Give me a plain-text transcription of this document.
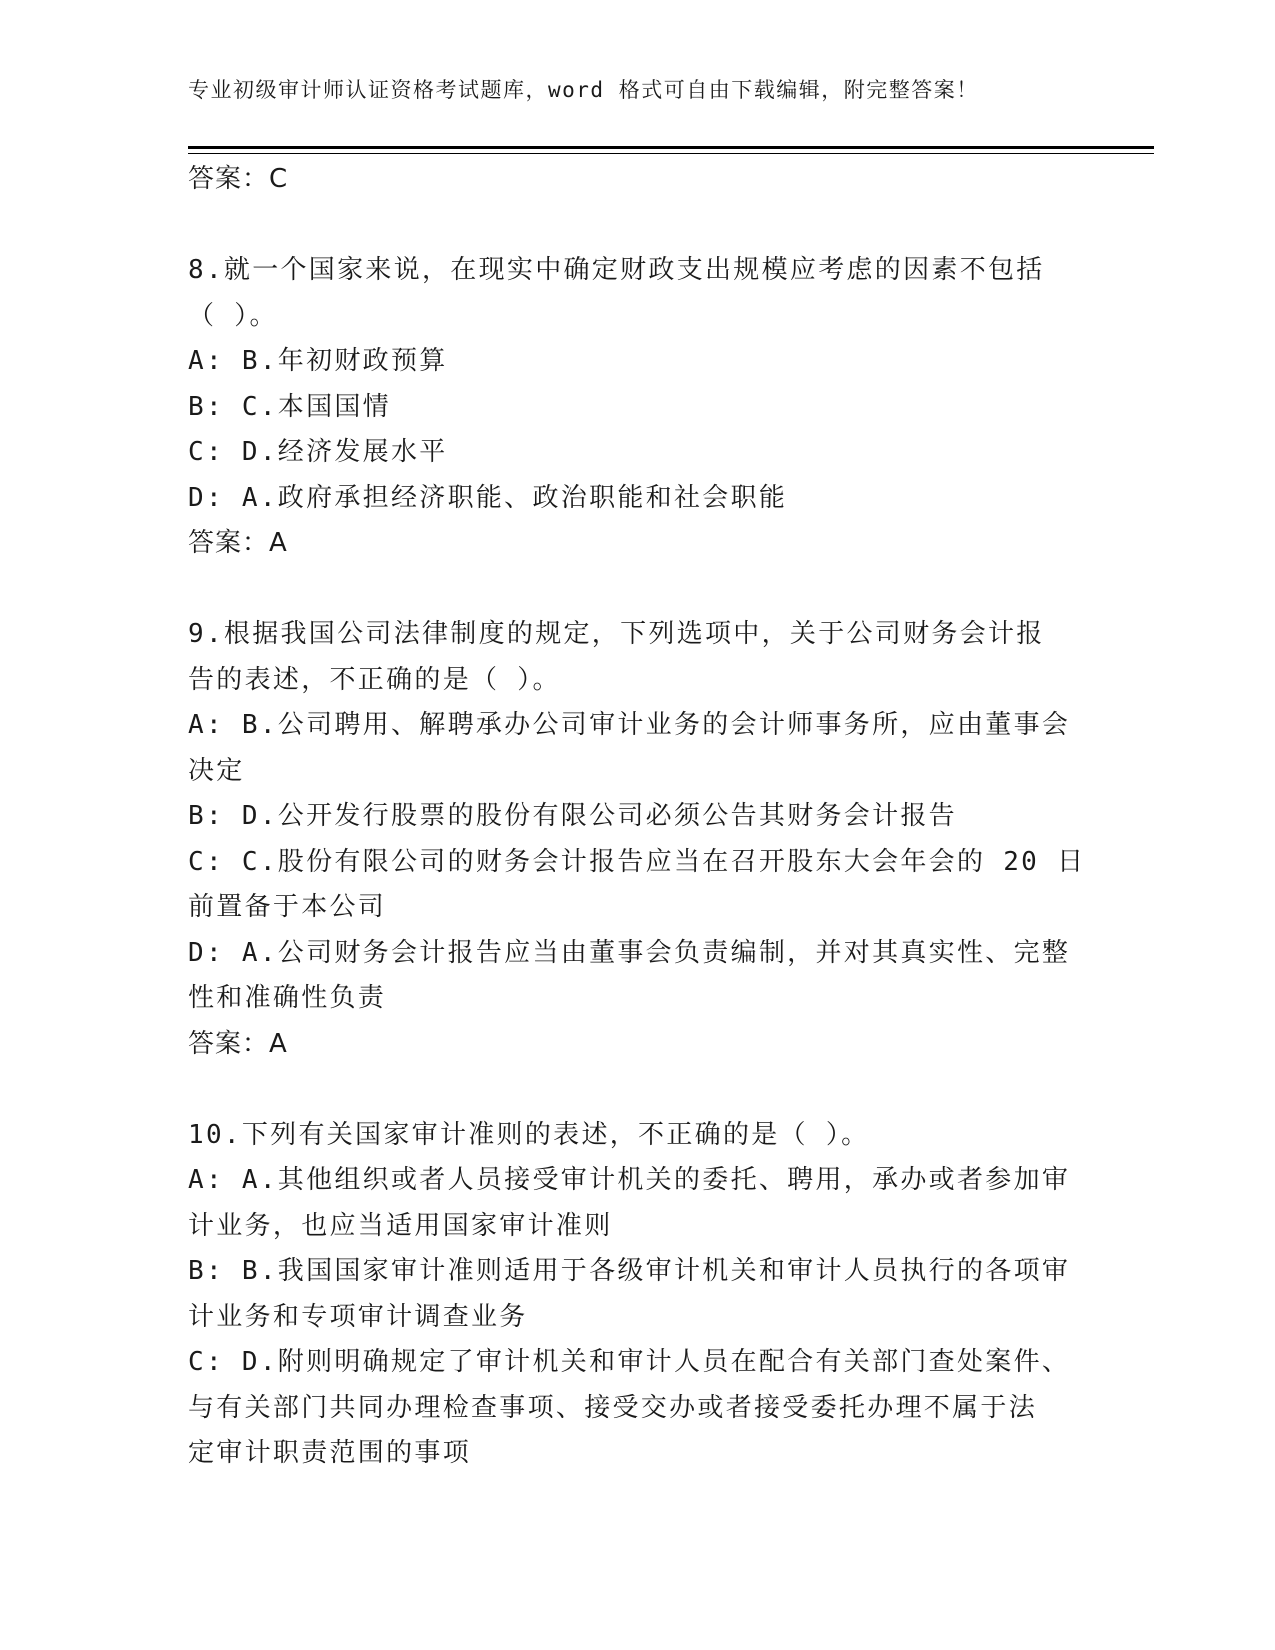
专业初级审计师认证资格考试题库，word 格式可自由下载编辑，附完整答案！
答案：C
8.就一个国家来说，在现实中确定财政支出规模应考虑的因素不包括
（ ）。
A: B.年初财政预算
B: C.本国国情
C: D.经济发展水平
D: A.政府承担经济职能、政治职能和社会职能
答案：A
9.根据我国公司法律制度的规定，下列选项中，关于公司财务会计报
告的表述，不正确的是（ ）。
A: B.公司聘用、解聘承办公司审计业务的会计师事务所，应由董事会
决定
B: D.公开发行股票的股份有限公司必须公告其财务会计报告
C: C.股份有限公司的财务会计报告应当在召开股东大会年会的 20 日
前置备于本公司
D: A.公司财务会计报告应当由董事会负责编制，并对其真实性、完整
性和准确性负责
答案：A
10.下列有关国家审计准则的表述，不正确的是（ ）。
A: A.其他组织或者人员接受审计机关的委托、聘用，承办或者参加审
计业务，也应当适用国家审计准则
B: B.我国国家审计准则适用于各级审计机关和审计人员执行的各项审
计业务和专项审计调查业务
C: D.附则明确规定了审计机关和审计人员在配合有关部门查处案件、
与有关部门共同办理检查事项、接受交办或者接受委托办理不属于法
定审计职责范围的事项
